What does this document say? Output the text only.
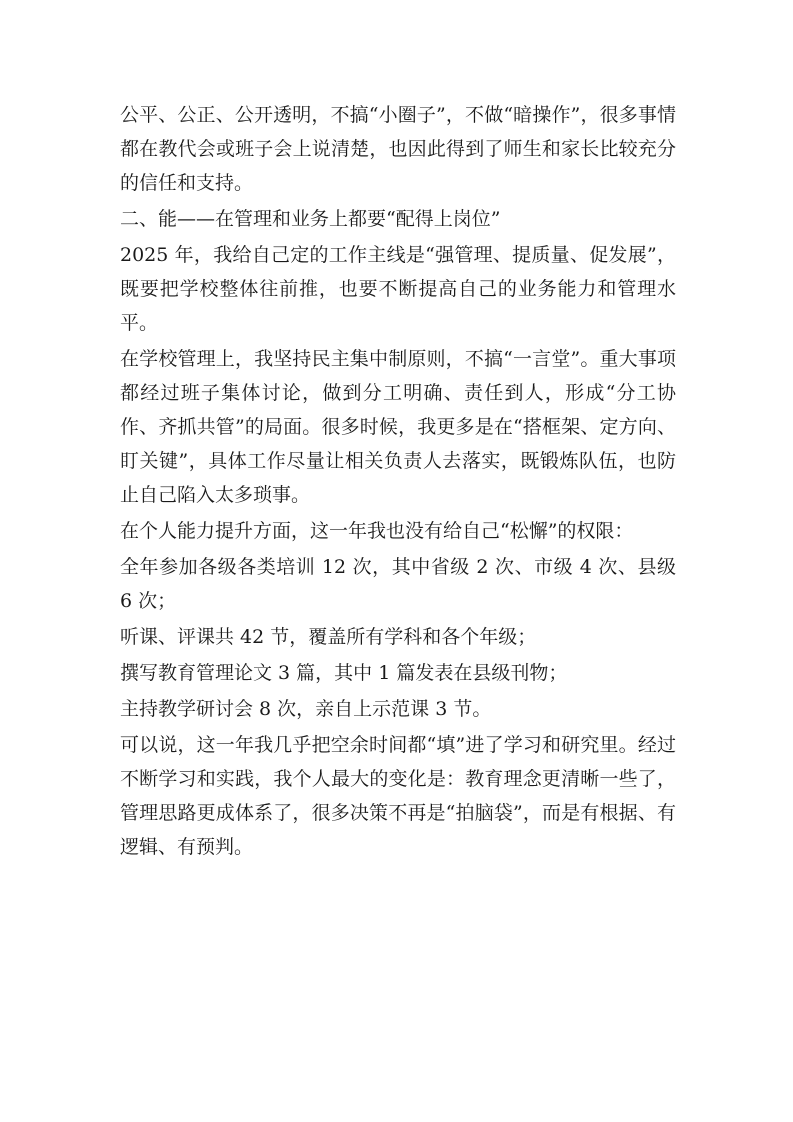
公平、公正、公开透明，不搞“小圈子”，不做“暗操作”，很多事情都在教代会或班子会上说清楚，也因此得到了师生和家长比较充分的信任和支持。

二、能——在管理和业务上都要“配得上岗位”

2025 年，我给自己定的工作主线是“强管理、提质量、促发展”，既要把学校整体往前推，也要不断提高自己的业务能力和管理水平。

在学校管理上，我坚持民主集中制原则，不搞“一言堂”。重大事项都经过班子集体讨论，做到分工明确、责任到人，形成“分工协作、齐抓共管”的局面。很多时候，我更多是在“搭框架、定方向、盯关键”，具体工作尽量让相关负责人去落实，既锻炼队伍，也防止自己陷入太多琐事。

在个人能力提升方面，这一年我也没有给自己“松懈”的权限：

全年参加各级各类培训 12 次，其中省级 2 次、市级 4 次、县级 6 次；

听课、评课共 42 节，覆盖所有学科和各个年级；

撰写教育管理论文 3 篇，其中 1 篇发表在县级刊物；

主持教学研讨会 8 次，亲自上示范课 3 节。

可以说，这一年我几乎把空余时间都“填”进了学习和研究里。经过不断学习和实践，我个人最大的变化是：教育理念更清晰一些了，管理思路更成体系了，很多决策不再是“拍脑袋”，而是有根据、有逻辑、有预判。
